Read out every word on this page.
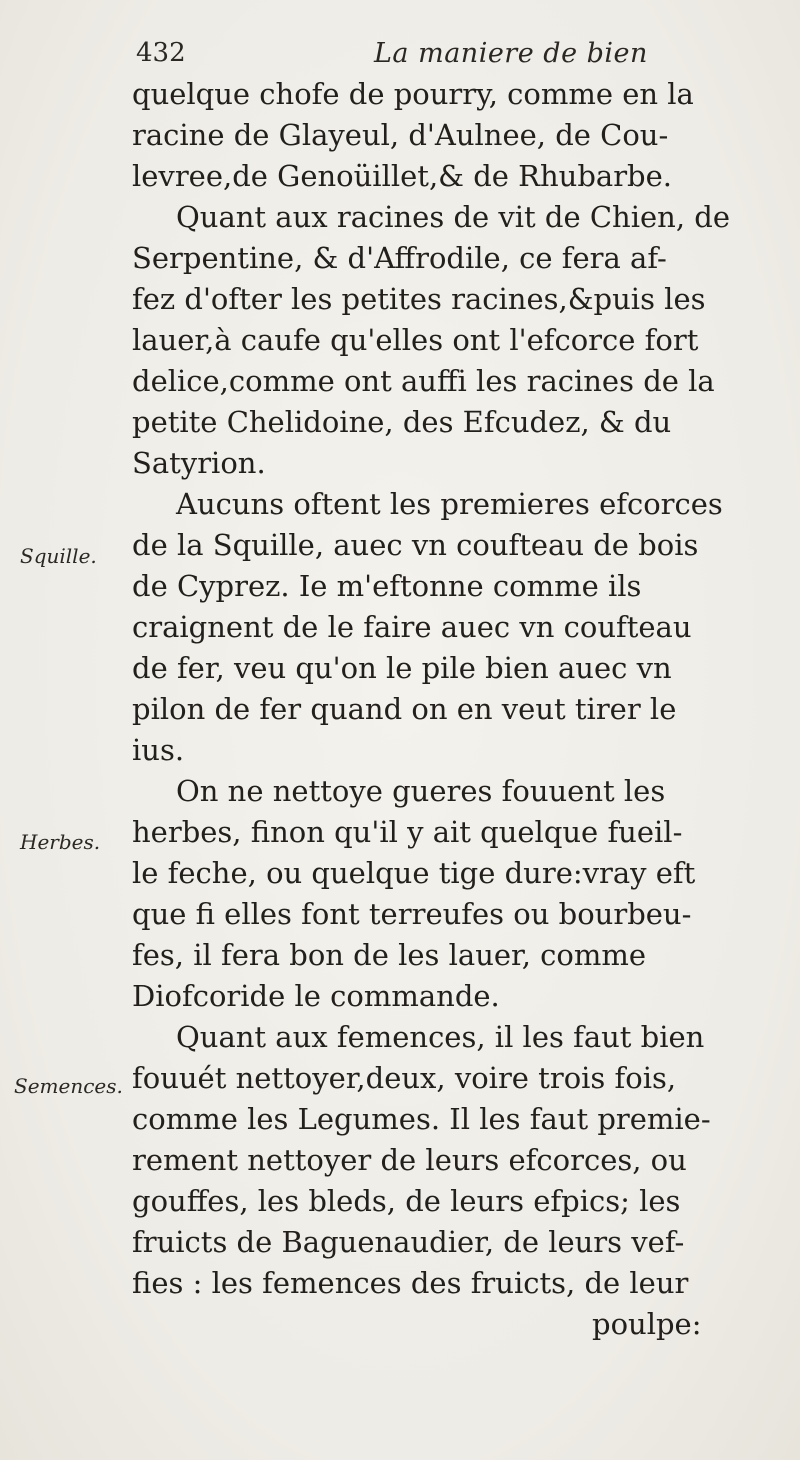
432	La maniere de bien
Squille.
Herbes.
Semences.
quelque chofe de pourry, comme en la
racine de Glayeul, d'Aulnee, de Cou-
levree,de Genoüillet,& de Rhubarbe.
Quant aux racines de vit de Chien, de
Serpentine, & d'Affrodile, ce fera af-
fez d'ofter les petites racines,&puis les
lauer,à caufe qu'elles ont l'efcorce fort
delice,comme ont auffi les racines de la
petite Chelidoine, des Efcudez, & du
Satyrion.
Aucuns oftent les premieres efcorces
de la Squille, auec vn coufteau de bois
de Cyprez. Ie m'eftonne comme ils
craignent de le faire auec vn coufteau
de fer, veu qu'on le pile bien auec vn
pilon de fer quand on en veut tirer le
ius.
On ne nettoye gueres fouuent les
herbes, finon qu'il y ait quelque fueil-
le feche, ou quelque tige dure:vray eft
que fi elles font terreufes ou bourbeu-
fes, il fera bon de les lauer, comme
Diofcoride le commande.
Quant aux femences, il les faut bien
fouuét nettoyer,deux, voire trois fois,
comme les Legumes. Il les faut premie-
rement nettoyer de leurs efcorces, ou
gouffes, les bleds, de leurs efpics; les
fruicts de Baguenaudier, de leurs vef-
fies : les femences des fruicts, de leur
poulpe:
